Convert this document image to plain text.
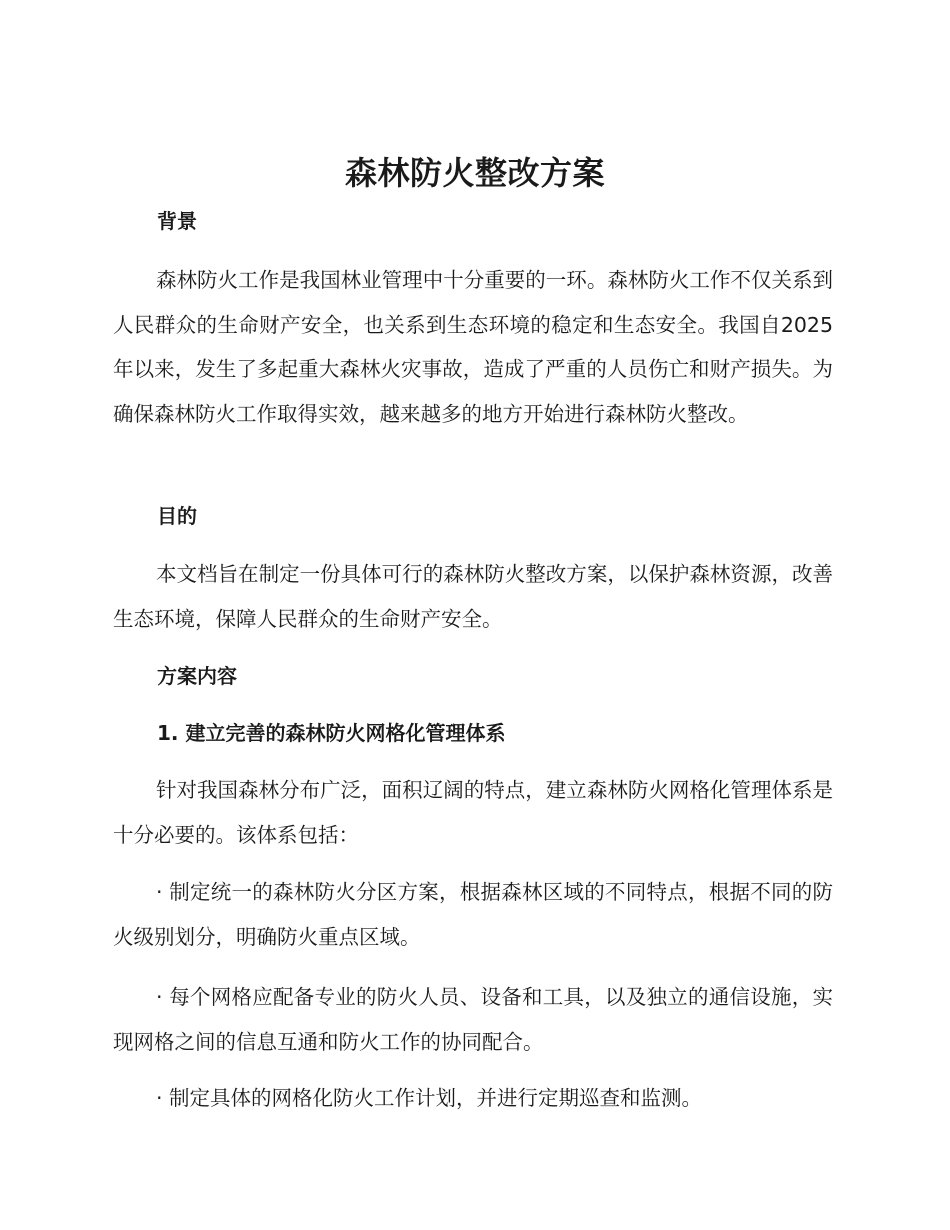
森林防火整改方案
背景

森林防火工作是我国林业管理中十分重要的一环。森林防火工作不仅关系到人民群众的生命财产安全，也关系到生态环境的稳定和生态安全。我国自2025年以来，发生了多起重大森林火灾事故，造成了严重的人员伤亡和财产损失。为确保森林防火工作取得实效，越来越多的地方开始进行森林防火整改。

目的

本文档旨在制定一份具体可行的森林防火整改方案，以保护森林资源，改善生态环境，保障人民群众的生命财产安全。

方案内容
1. 建立完善的森林防火网格化管理体系

针对我国森林分布广泛，面积辽阔的特点，建立森林防火网格化管理体系是十分必要的。该体系包括：

· 制定统一的森林防火分区方案，根据森林区域的不同特点，根据不同的防火级别划分，明确防火重点区域。

· 每个网格应配备专业的防火人员、设备和工具，以及独立的通信设施，实现网格之间的信息互通和防火工作的协同配合。

· 制定具体的网格化防火工作计划，并进行定期巡查和监测。
